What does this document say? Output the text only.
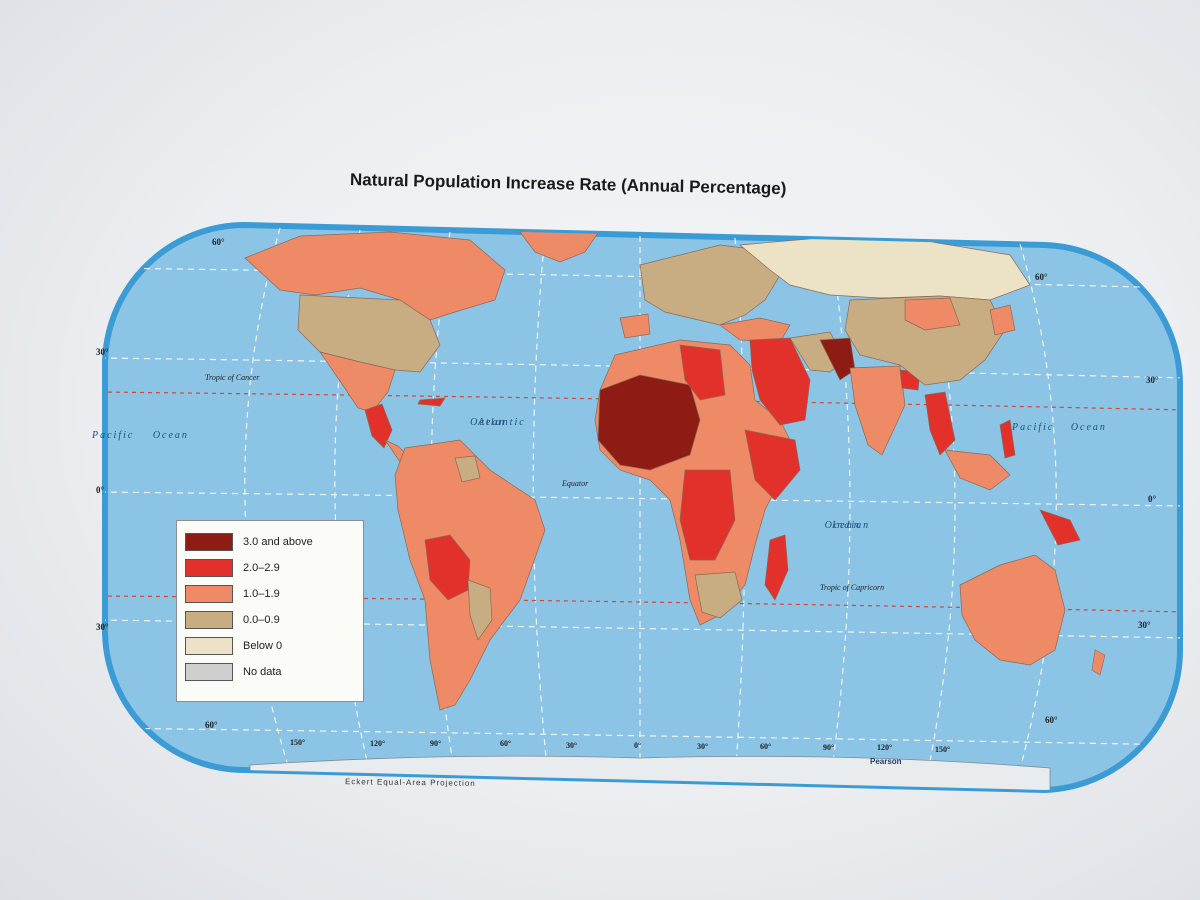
Natural Population Increase Rate (Annual Percentage)
60°
30°
0°
30°
60°
60°
30°
0°
30°
60°
150°	120°	90°	60°	30°	0°	30°	60°	90°	120°	150°
Pacific Ocean
Atlantic Ocean	Pacific Ocean
Indian Ocean
Tropic of Cancer
Equator
Tropic of Capricorn
Pearson
3.0 and above
2.0–2.9
1.0–1.9
0.0–0.9
Below 0
No data
Eckert Equal-Area Projection
